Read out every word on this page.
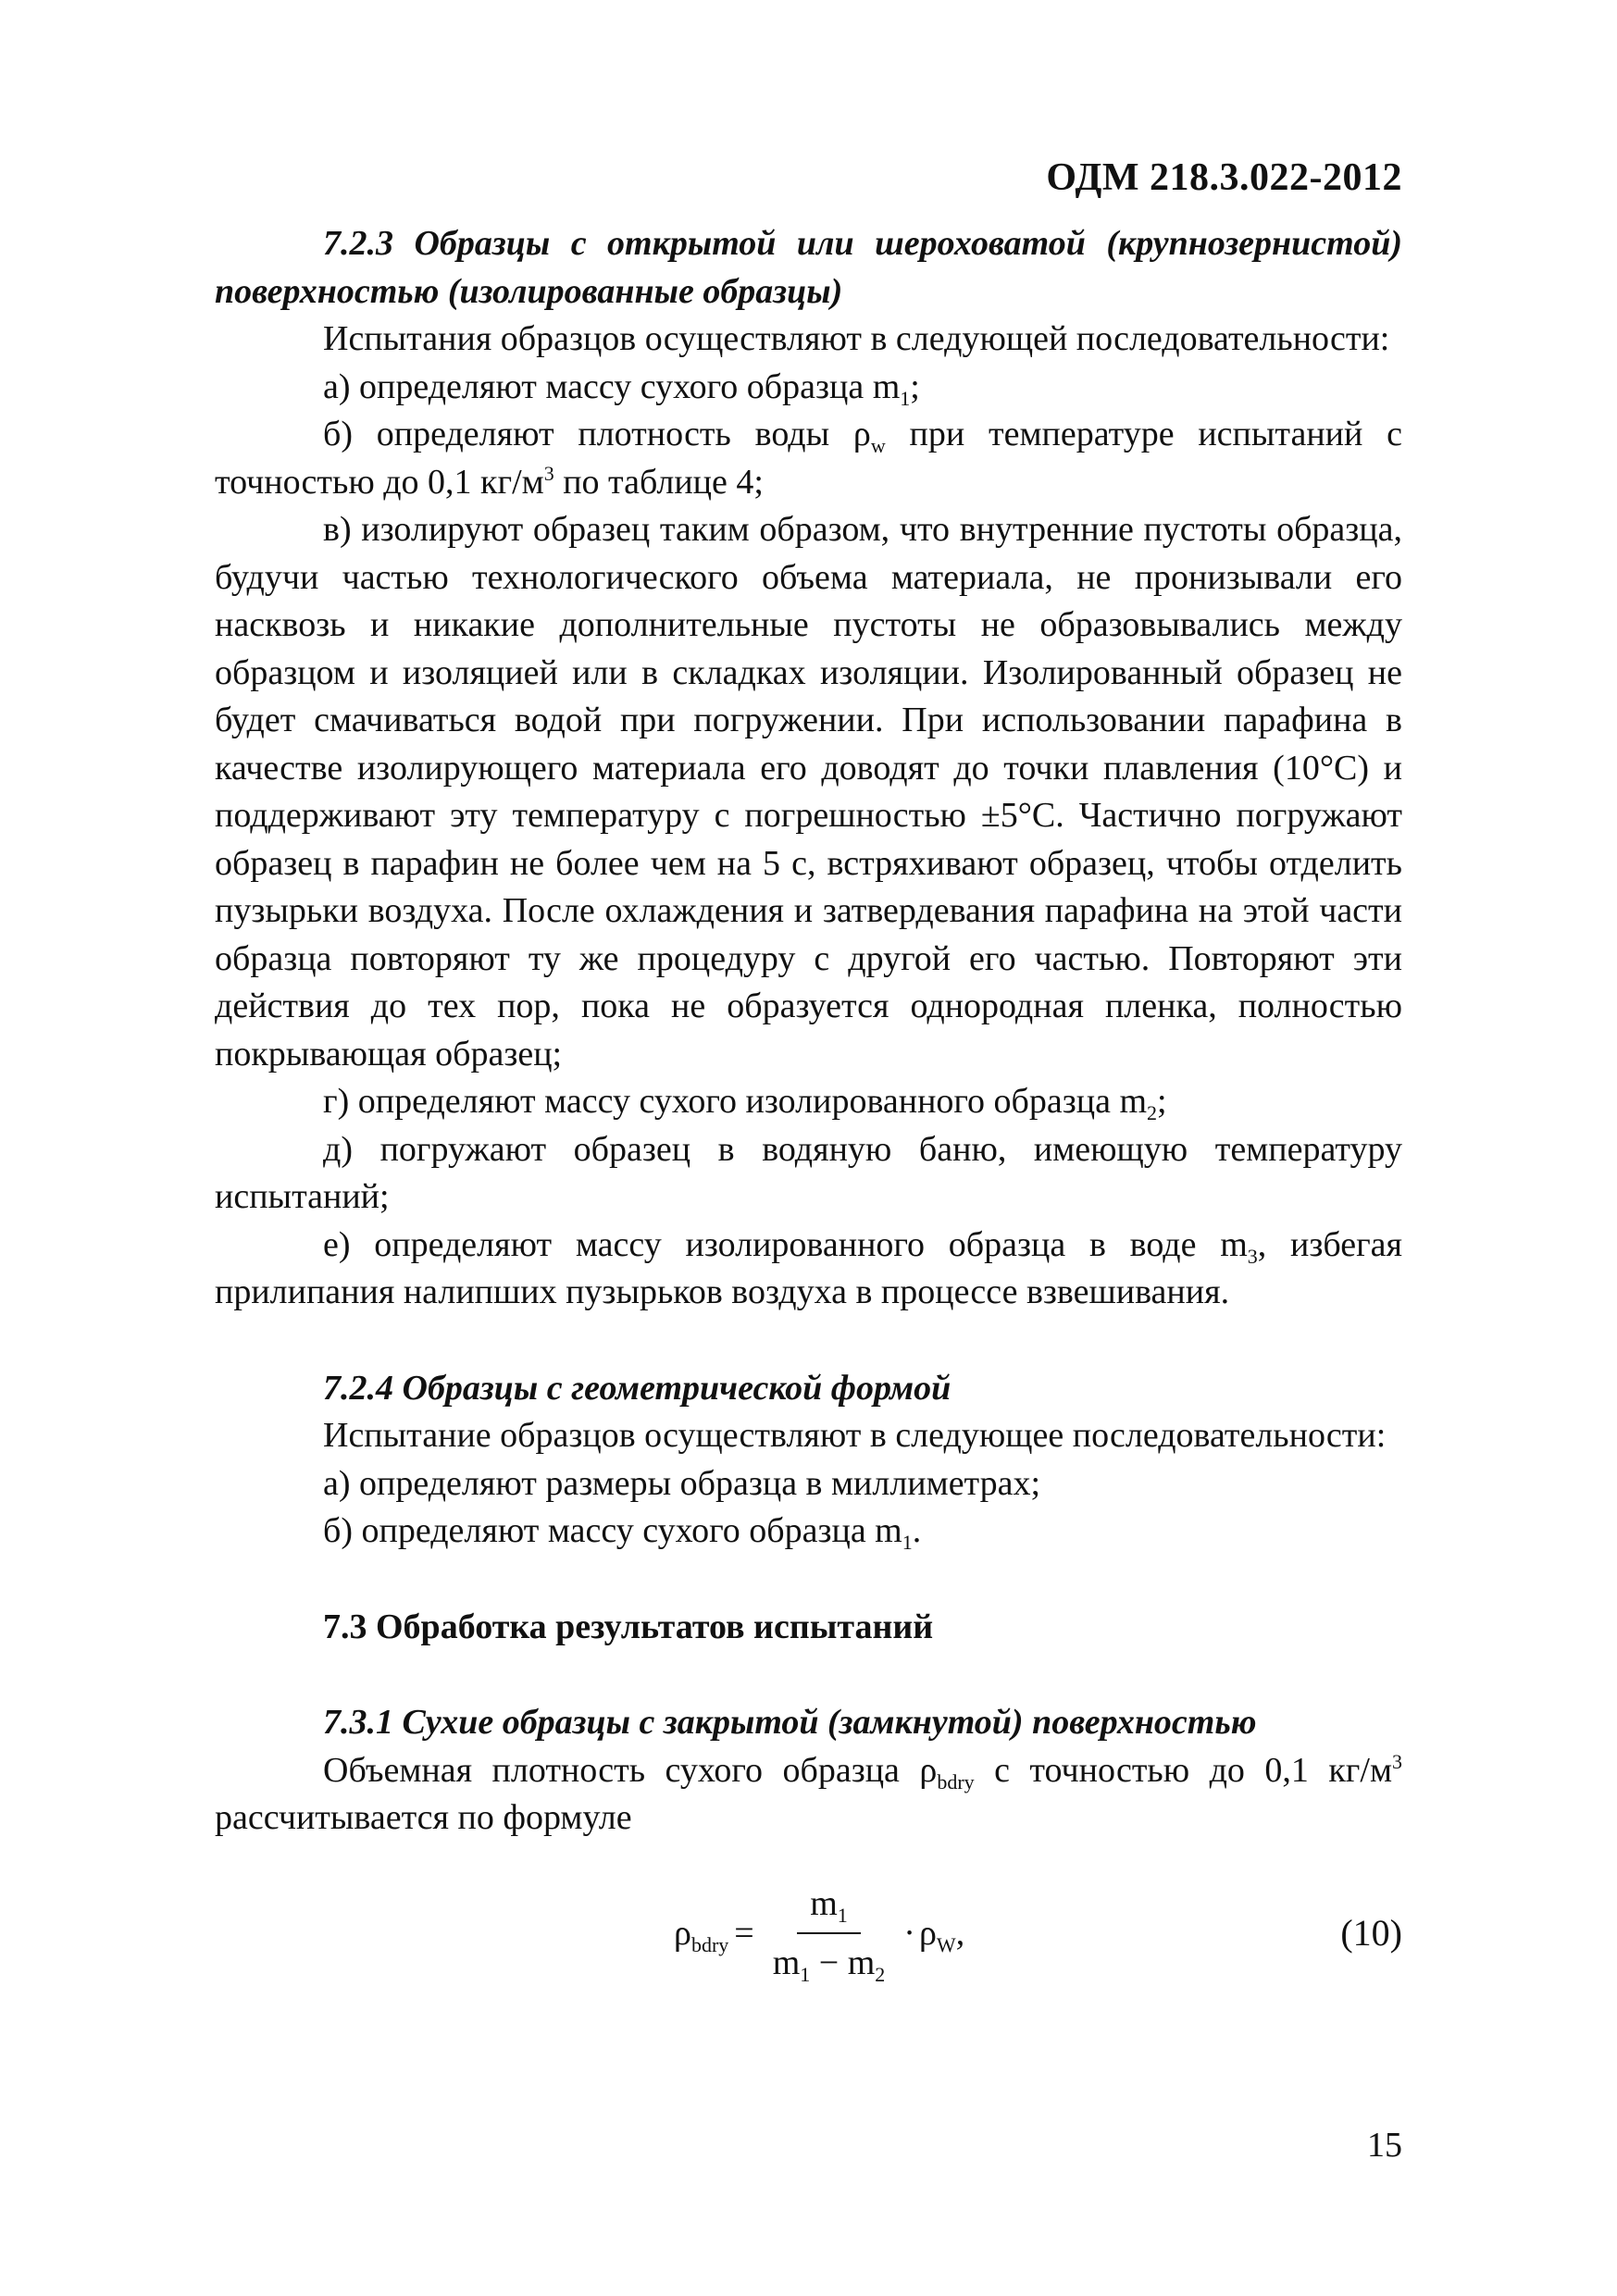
ОДМ 218.3.022-2012

7.2.3 Образцы с открытой или шероховатой (крупнозернистой) поверхностью (изолированные образцы)

Испытания образцов осуществляют в следующей последовательности:

а) определяют массу сухого образца $m_1$;

б) определяют плотность воды $\rho_w$ при температуре испытаний с точностью до 0,1 $кг/м^3$ по таблице 4;

в) изолируют образец таким образом, что внутренние пустоты образца, будучи частью технологического объема материала, не пронизывали его насквозь и никакие дополнительные пустоты не образовывались между образцом и изоляцией или в складках изоляции. Изолированный образец не будет смачиваться водой при погружении. При использовании парафина в качестве изолирующего материала его доводят до точки плавления (10°С) и поддерживают эту температуру с погрешностью ±5°С. Частично погружают образец в парафин не более чем на 5 с, встряхивают образец, чтобы отделить пузырьки воздуха. После охлаждения и затвердевания парафина на этой части образца повторяют ту же процедуру с другой его частью. Повторяют эти действия до тех пор, пока не образуется однородная пленка, полностью покрывающая образец;

г) определяют массу сухого изолированного образца $m_2$;

д) погружают образец в водяную баню, имеющую температуру испытаний;

е) определяют массу изолированного образца в воде $m_3$, избегая прилипания налипших пузырьков воздуха в процессе взвешивания.

7.2.4 Образцы с геометрической формой

Испытание образцов осуществляют в следующее последовательности:

а) определяют размеры образца в миллиметрах;

б) определяют массу сухого образца $m_1$.

7.3 Обработка результатов испытаний

7.3.1 Сухие образцы с закрытой (замкнутой) поверхностью

Объемная плотность сухого образца $\rho_{bdry}$ с точностью до 0,1 $кг/м^3$ рассчитывается по формуле

$\rho_{bdry} = \frac{m_1}{m_1 - m_2} \cdot \rho_W$,	(10)
15
